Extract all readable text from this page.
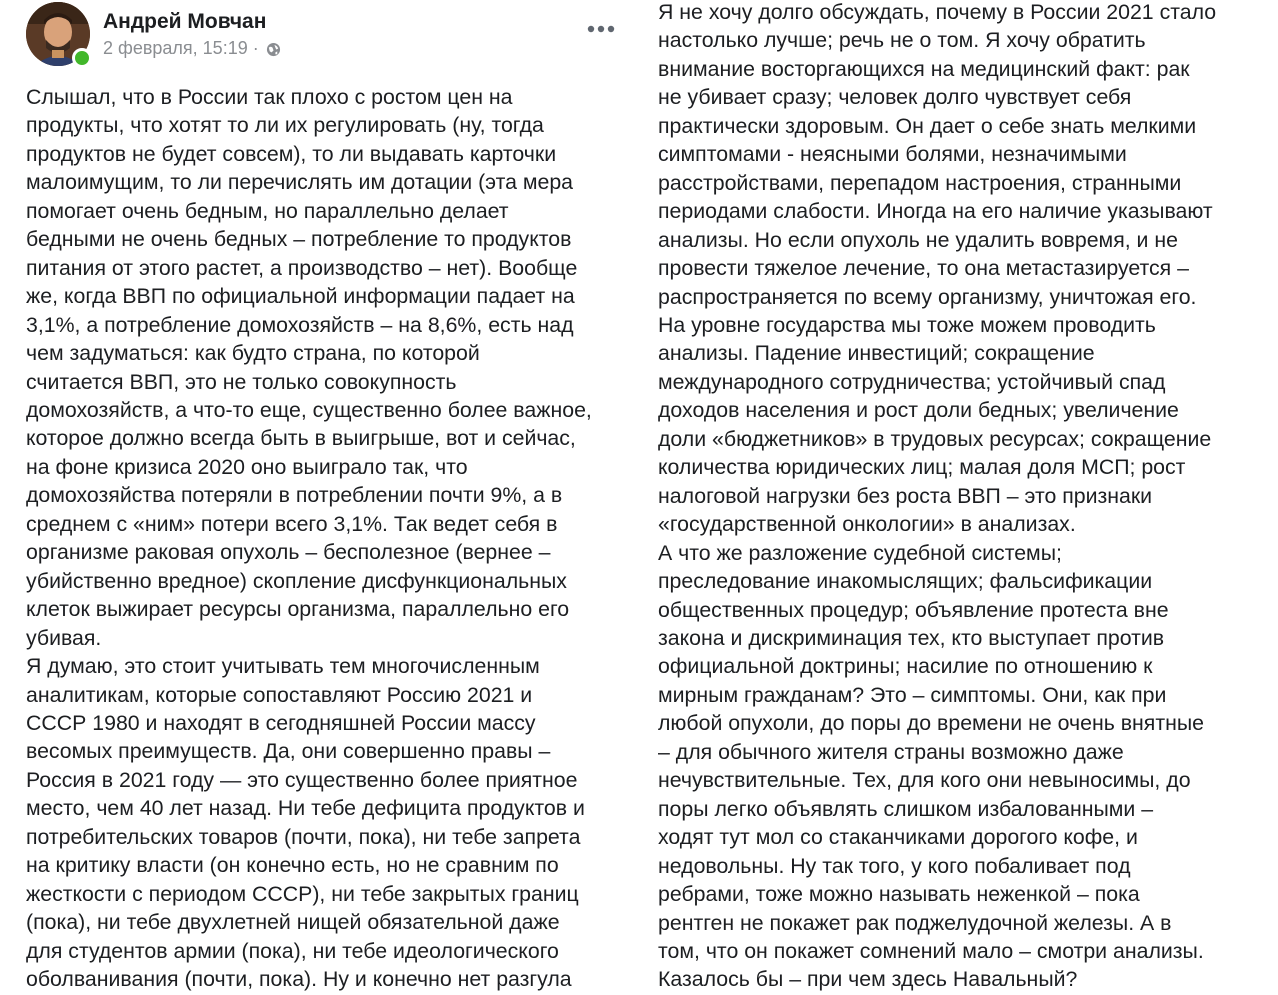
Андрей Мовчан
2 февраля, 15:19 ·
Слышал, что в России так плохо с ростом цен на
продукты, что хотят то ли их регулировать (ну, тогда
продуктов не будет совсем), то ли выдавать карточки
малоимущим, то ли перечислять им дотации (эта мера
помогает очень бедным, но параллельно делает
бедными не очень бедных – потребление то продуктов
питания от этого растет, а производство – нет). Вообще
же, когда ВВП по официальной информации падает на
3,1%, а потребление домохозяйств – на 8,6%, есть над
чем задуматься: как будто страна, по которой
считается ВВП, это не только совокупность
домохозяйств, а что-то еще, существенно более важное,
которое должно всегда быть в выигрыше, вот и сейчас,
на фоне кризиса 2020 оно выиграло так, что
домохозяйства потеряли в потреблении почти 9%, а в
среднем с «ним» потери всего 3,1%. Так ведет себя в
организме раковая опухоль – бесполезное (вернее –
убийственно вредное) скопление дисфункциональных
клеток выжирает ресурсы организма, параллельно его
убивая.
Я думаю, это стоит учитывать тем многочисленным
аналитикам, которые сопоставляют Россию 2021 и
СССР 1980 и находят в сегодняшней России массу
весомых преимуществ. Да, они совершенно правы –
Россия в 2021 году — это существенно более приятное
место, чем 40 лет назад. Ни тебе дефицита продуктов и
потребительских товаров (почти, пока), ни тебе запрета
на критику власти (он конечно есть, но не сравним по
жесткости с периодом СССР), ни тебе закрытых границ
(пока), ни тебе двухлетней нищей обязательной даже
для студентов армии (пока), ни тебе идеологического
оболванивания (почти, пока). Ну и конечно нет разгула
Я не хочу долго обсуждать, почему в России 2021 стало
настолько лучше; речь не о том. Я хочу обратить
внимание восторгающихся на медицинский факт: рак
не убивает сразу; человек долго чувствует себя
практически здоровым. Он дает о себе знать мелкими
симптомами - неясными болями, незначимыми
расстройствами, перепадом настроения, странными
периодами слабости. Иногда на его наличие указывают
анализы. Но если опухоль не удалить вовремя, и не
провести тяжелое лечение, то она метастазируется –
распространяется по всему организму, уничтожая его.
На уровне государства мы тоже можем проводить
анализы. Падение инвестиций; сокращение
международного сотрудничества; устойчивый спад
доходов населения и рост доли бедных; увеличение
доли «бюджетников» в трудовых ресурсах; сокращение
количества юридических лиц; малая доля МСП; рост
налоговой нагрузки без роста ВВП – это признаки
«государственной онкологии» в анализах.
А что же разложение судебной системы;
преследование инакомыслящих; фальсификации
общественных процедур; объявление протеста вне
закона и дискриминация тех, кто выступает против
официальной доктрины; насилие по отношению к
мирным гражданам? Это – симптомы. Они, как при
любой опухоли, до поры до времени не очень внятные
– для обычного жителя страны возможно даже
нечувствительные. Тех, для кого они невыносимы, до
поры легко объявлять слишком избалованными –
ходят тут мол со стаканчиками дорогого кофе, и
недовольны. Ну так того, у кого побаливает под
ребрами, тоже можно называть неженкой – пока
рентген не покажет рак поджелудочной железы. А в
том, что он покажет сомнений мало – смотри анализы.
Казалось бы – при чем здесь Навальный?
